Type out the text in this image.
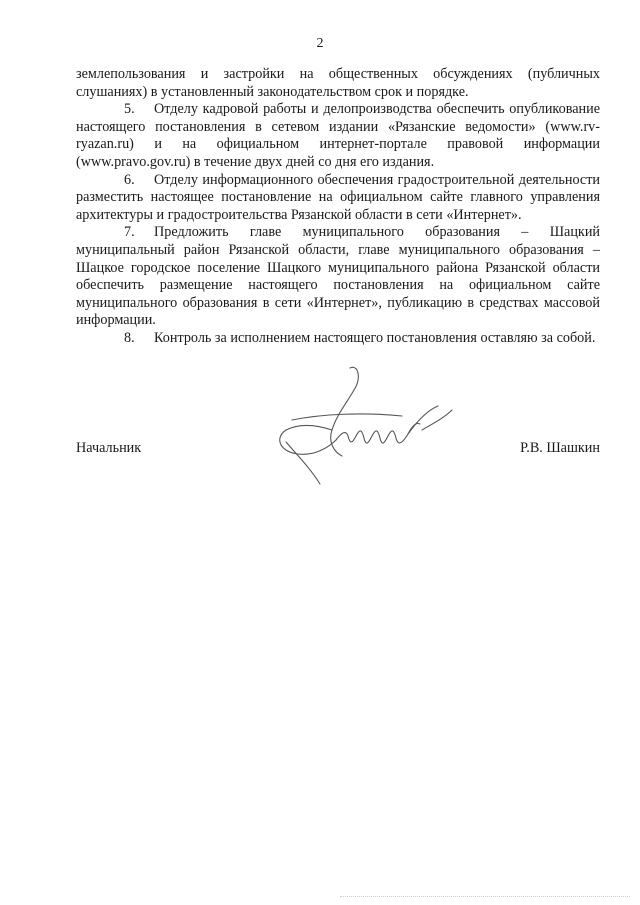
2

землепользования и застройки на общественных обсуждениях (публичных слушаниях) в установленный законодательством срок и порядке.

5. Отделу кадровой работы и делопроизводства обеспечить опубликование настоящего постановления в сетевом издании «Рязанские ведомости» (www.rv-ryazan.ru) и на официальном интернет-портале правовой информации (www.pravo.gov.ru) в течение двух дней со дня его издания.

6. Отделу информационного обеспечения градостроительной деятельности разместить настоящее постановление на официальном сайте главного управления архитектуры и градостроительства Рязанской области в сети «Интернет».

7. Предложить главе муниципального образования – Шацкий муниципальный район Рязанской области, главе муниципального образования – Шацкое городское поселение Шацкого муниципального района Рязанской области обеспечить размещение настоящего постановления на официальном сайте муниципального образования в сети «Интернет», публикацию в средствах массовой информации.

8. Контроль за исполнением настоящего постановления оставляю за собой.

Начальник	Р.В. Шашкин
